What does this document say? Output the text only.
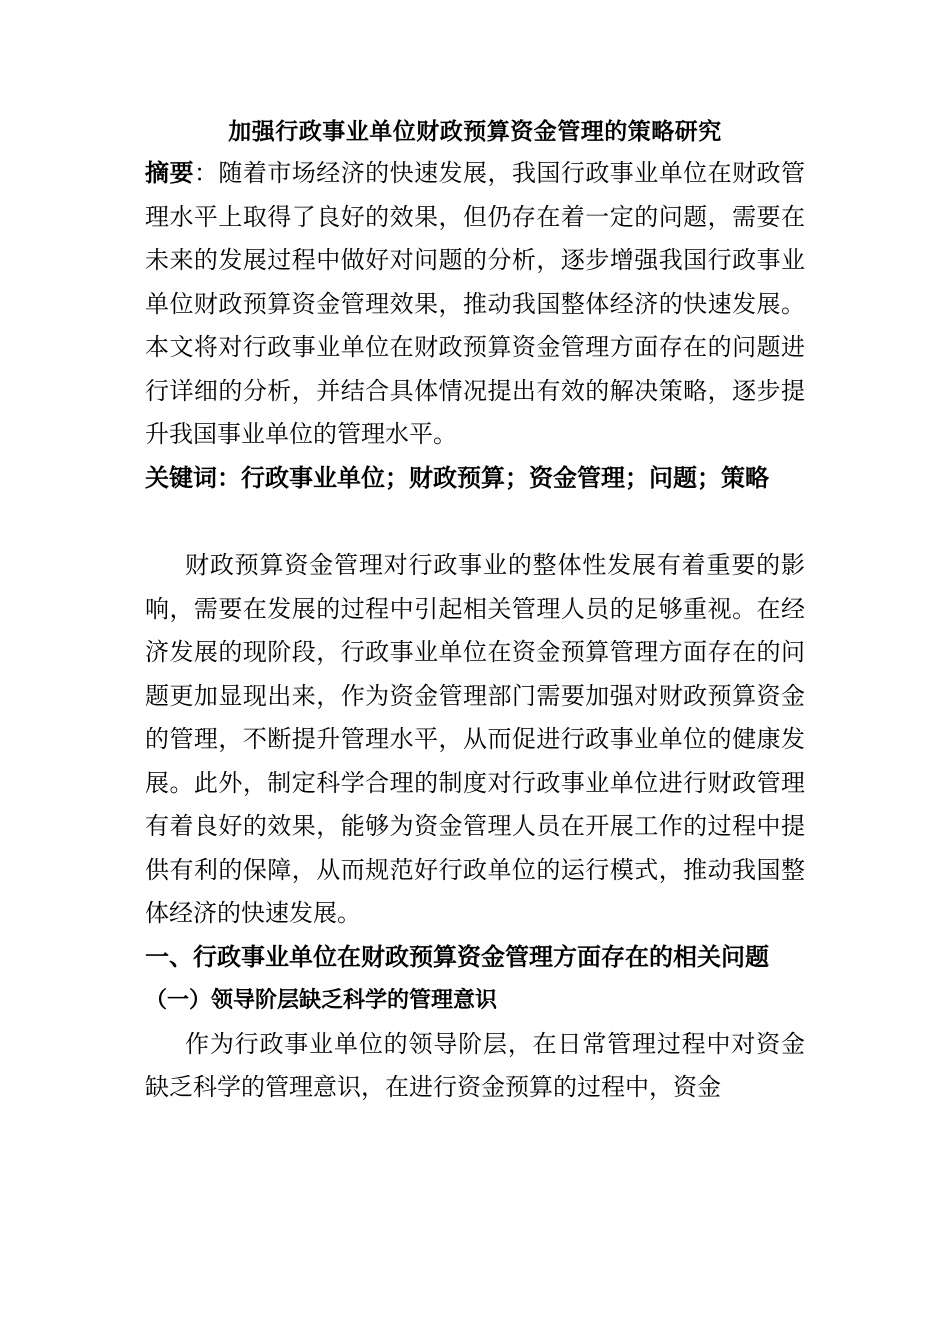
加强行政事业单位财政预算资金管理的策略研究

摘要：随着市场经济的快速发展，我国行政事业单位在财政管理水平上取得了良好的效果，但仍存在着一定的问题，需要在未来的发展过程中做好对问题的分析，逐步增强我国行政事业单位财政预算资金管理效果，推动我国整体经济的快速发展。本文将对行政事业单位在财政预算资金管理方面存在的问题进行详细的分析，并结合具体情况提出有效的解决策略，逐步提升我国事业单位的管理水平。

关键词：行政事业单位；财政预算；资金管理；问题；策略

财政预算资金管理对行政事业的整体性发展有着重要的影响，需要在发展的过程中引起相关管理人员的足够重视。在经济发展的现阶段，行政事业单位在资金预算管理方面存在的问题更加显现出来，作为资金管理部门需要加强对财政预算资金的管理，不断提升管理水平，从而促进行政事业单位的健康发展。此外，制定科学合理的制度对行政事业单位进行财政管理有着良好的效果，能够为资金管理人员在开展工作的过程中提供有利的保障，从而规范好行政单位的运行模式，推动我国整体经济的快速发展。

一、行政事业单位在财政预算资金管理方面存在的相关问题
（一）领导阶层缺乏科学的管理意识

作为行政事业单位的领导阶层，在日常管理过程中对资金缺乏科学的管理意识，在进行资金预算的过程中，资金
